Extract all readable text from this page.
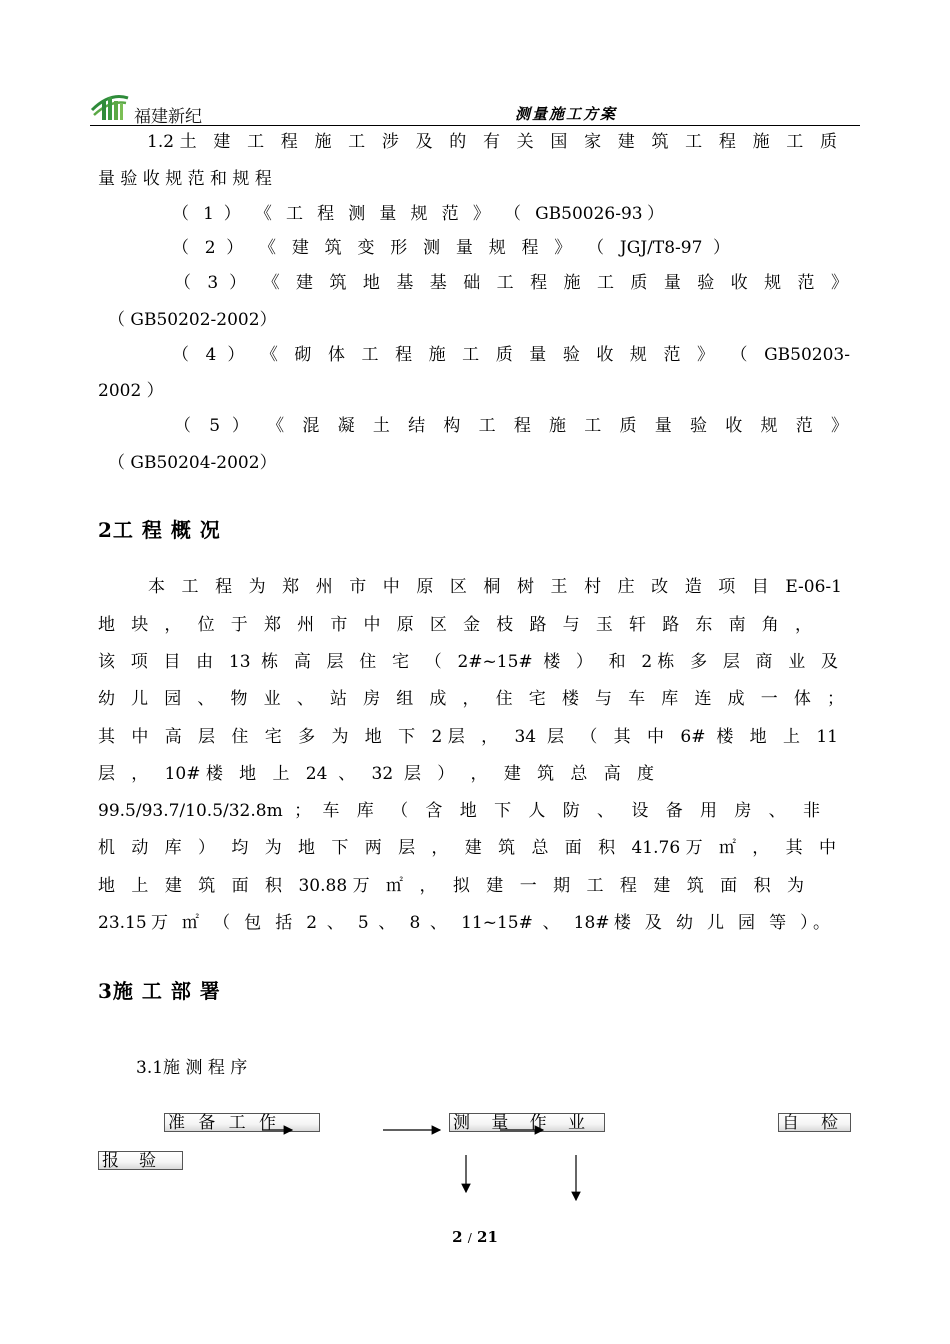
福建新纪	测量施工方案
1.2土 建 工 程 施 工 涉 及 的 有 关 国 家 建 筑 工 程 施 工 质
量 验 收 规 范 和 规 程
（ 1 ） 《 工 程 测 量 规 范 》 （ GB50026-93）
（ 2 ） 《 建 筑 变 形 测 量 规 程 》 （ JGJ/T8-97 ）
（ 3 ） 《 建 筑 地 基 基 础 工 程 施 工 质 量 验 收 规 范 》
（ GB50202-2002）
（ 4 ） 《 砌 体 工 程 施 工 质 量 验 收 规 范 》 （ GB50203-
2002 ）
（ 5 ） 《 混 凝 土 结 构 工 程 施 工 质 量 验 收 规 范 》
（ GB50204-2002）
2工 程 概 况
本 工 程 为 郑 州 市 中 原 区 桐 树 王 村 庄 改 造 项 目 E-06-1
地 块 ， 位 于 郑 州 市 中 原 区 金 枝 路 与 玉 轩 路 东 南 角 ，
该 项 目 由 13 栋 高 层 住 宅 （ 2#~15# 楼 ） 和 2栋 多 层 商 业 及
幼 儿 园 、 物 业 、 站 房 组 成 ， 住 宅 楼 与 车 库 连 成 一 体 ；
其 中 高 层 住 宅 多 为 地 下 2层 ， 34 层 （ 其 中 6# 楼 地 上 11
层 ， 10#楼 地 上 24 、 32 层 ） ， 建 筑 总 高 度
99.5/93.7/10.5/32.8m ； 车 库 （ 含 地 下 人 防 、 设 备 用 房 、 非
机 动 库 ） 均 为 地 下 两 层 ， 建 筑 总 面 积 41.76万 ㎡ ， 其 中
地 上 建 筑 面 积 30.88万 ㎡ ， 拟 建 一 期 工 程 建 筑 面 积 为
23.15万 ㎡ （ 包 括 2 、 5 、 8 、 11~15# 、 18#楼 及 幼 儿 园 等 ）。
3施 工 部 署
3.1施 测 程 序
准 备 工 作	测 量 作 业	自 检
报 验
2 / 21
